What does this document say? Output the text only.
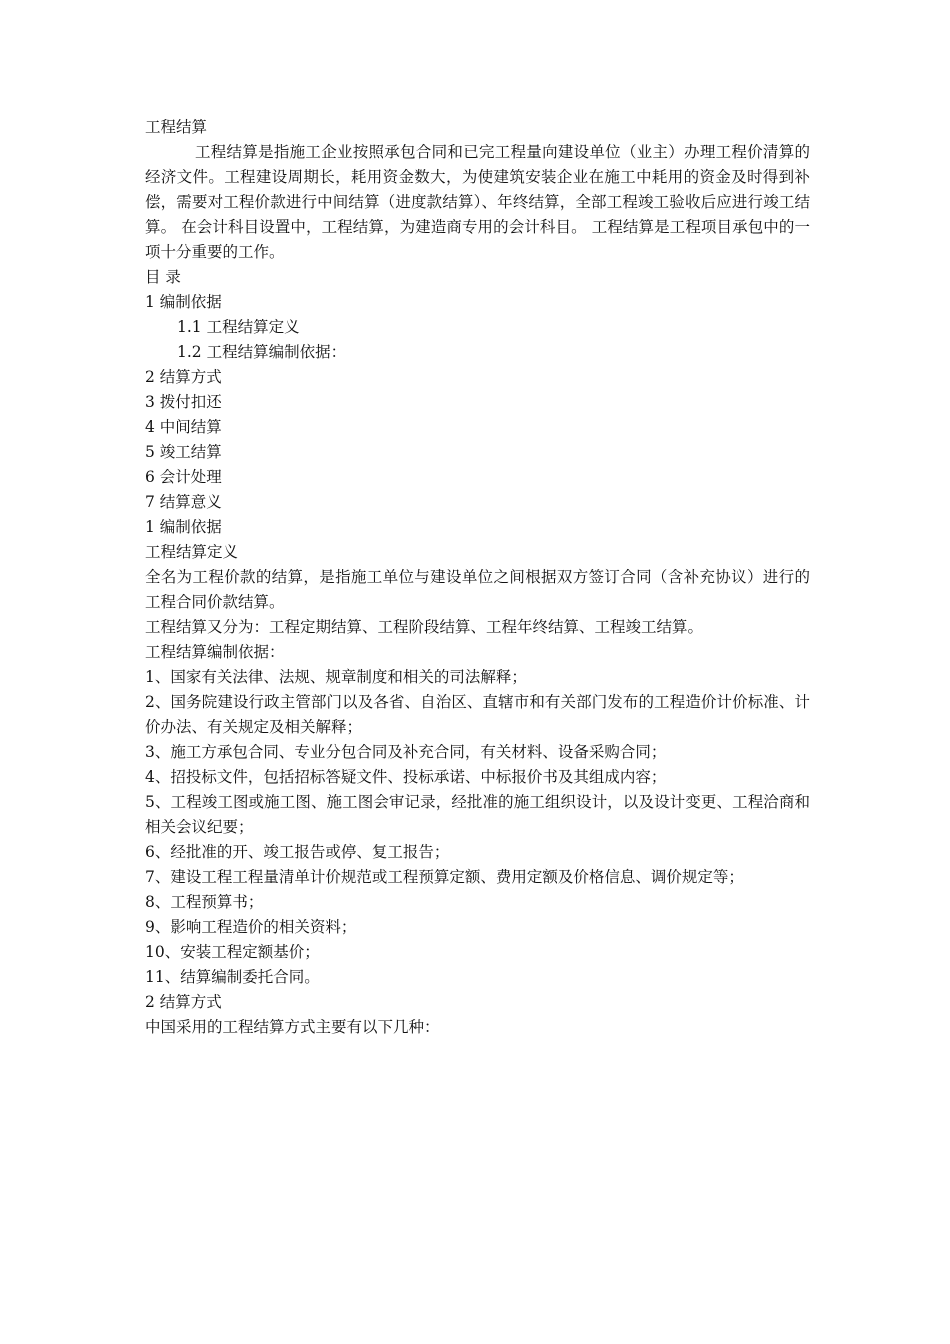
工程结算

工程结算是指施工企业按照承包合同和已完工程量向建设单位（业主）办理工程价清算的经济文件。工程建设周期长，耗用资金数大，为使建筑安装企业在施工中耗用的资金及时得到补偿，需要对工程价款进行中间结算（进度款结算）、年终结算，全部工程竣工验收后应进行竣工结算。 在会计科目设置中，工程结算，为建造商专用的会计科目。 工程结算是工程项目承包中的一项十分重要的工作。

目 录

1 编制依据

1.1 工程结算定义

1.2 工程结算编制依据：

2 结算方式

3 拨付扣还

4 中间结算

5 竣工结算

6 会计处理

7 结算意义

1 编制依据

工程结算定义

全名为工程价款的结算，是指施工单位与建设单位之间根据双方签订合同（含补充协议）进行的工程合同价款结算。

工程结算又分为：工程定期结算、工程阶段结算、工程年终结算、工程竣工结算。

工程结算编制依据：

1、国家有关法律、法规、规章制度和相关的司法解释；

2、国务院建设行政主管部门以及各省、自治区、直辖市和有关部门发布的工程造价计价标准、计价办法、有关规定及相关解释；

3、施工方承包合同、专业分包合同及补充合同，有关材料、设备采购合同；

4、招投标文件，包括招标答疑文件、投标承诺、中标报价书及其组成内容；

5、工程竣工图或施工图、施工图会审记录，经批准的施工组织设计，以及设计变更、工程洽商和相关会议纪要；

6、经批准的开、竣工报告或停、复工报告；

7、建设工程工程量清单计价规范或工程预算定额、费用定额及价格信息、调价规定等；

8、工程预算书；

9、影响工程造价的相关资料；

10、安装工程定额基价；

11、结算编制委托合同。

2 结算方式

中国采用的工程结算方式主要有以下几种：
